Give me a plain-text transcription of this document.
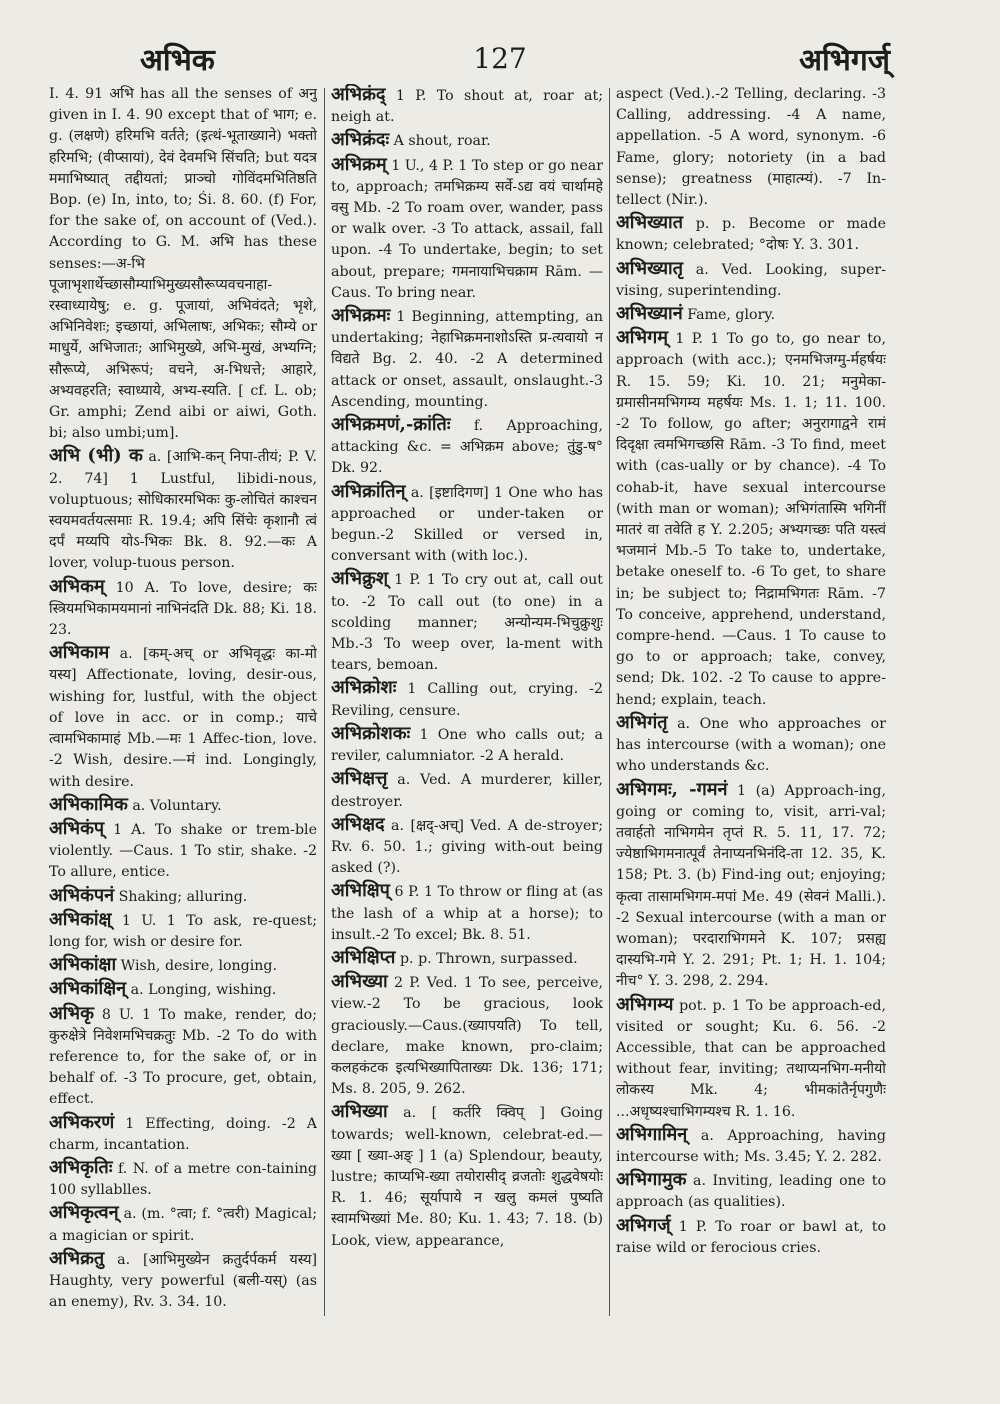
अभिक	127	अभिगर्ज्

I. 4. 91 अभि has all the senses of अनु given in I. 4. 90 except that of भाग; e. g. (लक्षणे) हरिमभि वर्तते; (इत्थं-भूताख्याने) भक्तो हरिमभि; (वीप्सायां), देवं देवमभि सिंचति; but यदत्र ममाभिष्यात् तद्दीयतां; प्राञ्चो गोविंदमभितिष्ठति Bop. (e) In, into, to; Śi. 8. 60. (f) For, for the sake of, on account of (Ved.). According to G. M. अभि has these senses:—अ-भि पूजाभृशार्थेच्छासौम्याभिमुख्यसौरूप्यवचनाहा-रस्वाध्यायेषु; e. g. पूजायां, अभिवंदते; भृशे, अभिनिवेशः; इच्छायां, अभिलाषः, अभिकः; सौम्ये or माधुर्ये, अभिजातः; आभिमुख्ये, अभि-मुखं, अभ्यग्नि; सौरूप्ये, अभिरूपं; वचने, अ-भिधत्ते; आहारे, अभ्यवहरति; स्वाध्याये, अभ्य-स्यति. [ cf. L. ob; Gr. amphi; Zend aibi or aiwi, Goth. bi; also umbi;um].

अभि (भी) क a. [आभि-कन् निपा-तीयं; P. V. 2. 74] 1 Lustful, libidi-nous, voluptuous; सोधिकारमभिकः कु-लोचितं काश्चन स्वयमवर्तयत्समाः R. 19.4; अपि सिंचेः कृशानौ त्वं दर्पं मय्यपि योऽ-भिकः Bk. 8. 92.—कः A lover, volup-tuous person.

अभिकम् 10 A. To love, desire; कः स्त्रियमभिकामयमानां नाभिनंदति Dk. 88; Ki. 18. 23.

अभिकाम a. [कम्-अच् or अभिवृद्धः का-मो यस्य] Affectionate, loving, desir-ous, wishing for, lustful, with the object of love in acc. or in comp.; याचे त्वामभिकामाहं Mb.—मः 1 Affec-tion, love. -2 Wish, desire.—मं ind. Longingly, with desire.

अभिकामिक a. Voluntary.

अभिकंप् 1 A. To shake or trem-ble violently. —Caus. 1 To stir, shake. -2 To allure, entice.

अभिकंपनं Shaking; alluring.

अभिकांक्ष् 1 U. 1 To ask, re-quest; long for, wish or desire for.

अभिकांक्षा Wish, desire, longing.

अभिकांक्षिन् a. Longing, wishing.

अभिकृ 8 U. 1 To make, render, do; कुरुक्षेत्रे निवेशमभिचक्रतुः Mb. -2 To do with reference to, for the sake of, or in behalf of. -3 To procure, get, obtain, effect.

अभिकरणं 1 Effecting, doing. -2 A charm, incantation.

अभिकृतिः f. N. of a metre con-taining 100 syllablles.

अभिकृत्वन् a. (m. °त्वा; f. °त्वरी) Magical; a magician or spirit.

अभिक्रतु a. [आभिमुख्येन क्रतुर्दर्पकर्म यस्य] Haughty, very powerful (बली-यस्) (as an enemy), Rv. 3. 34. 10.

अभिक्रंद् 1 P. To shout at, roar at; neigh at.

अभिक्रंदः A shout, roar.

अभिक्रम् 1 U., 4 P. 1 To step or go near to, approach; तमभिक्रम्य सर्वे-ऽद्य वयं चार्थामहे वसु Mb. -2 To roam over, wander, pass or walk over. -3 To attack, assail, fall upon. -4 To undertake, begin; to set about, prepare; गमनायाभिचक्राम Rām. —Caus. To bring near.

अभिक्रमः 1 Beginning, attempting, an undertaking; नेहाभिक्रमनाशोऽस्ति प्र-त्यवायो न विद्यते Bg. 2. 40. -2 A determined attack or onset, assault, onslaught.-3 Ascending, mounting.

अभिक्रमणं,-क्रांतिः f. Approaching, attacking &c. = अभिक्रम above; तुंडु-ष° Dk. 92.

अभिक्रांतिन् a. [इष्टादिगण] 1 One who has approached or under-taken or begun.-2 Skilled or versed in, conversant with (with loc.).

अभिक्रुश् 1 P. 1 To cry out at, call out to. -2 To call out (to one) in a scolding manner; अन्योन्यम-भिचुक्रुशुः Mb.-3 To weep over, la-ment with tears, bemoan.

अभिक्रोशः 1 Calling out, crying. -2 Reviling, censure.

अभिक्रोशकः 1 One who calls out; a reviler, calumniator. -2 A herald.

अभिक्षत्तृ a. Ved. A murderer, killer, destroyer.

अभिक्षद a. [क्षद्-अच्] Ved. A de-stroyer; Rv. 6. 50. 1.; giving with-out being asked (?).

अभिक्षिप् 6 P. 1 To throw or fling at (as the lash of a whip at a horse); to insult.-2 To excel; Bk. 8. 51.

अभिक्षिप्त p. p. Thrown, surpassed.

अभिख्या 2 P. Ved. 1 To see, perceive, view.-2 To be gracious, look graciously.—Caus.(ख्यापयति) To tell, declare, make known, pro-claim; कलहकंटक इत्यभिख्यापिताख्यः Dk. 136; 171; Ms. 8. 205, 9. 262.

अभिख्या a. [ कर्तरि क्विप् ] Going towards; well-known, celebrat-ed.—ख्या [ ख्या-अङ् ] 1 (a) Splendour, beauty, lustre; काप्यभि-ख्या तयोरासीद् व्रजतोः शुद्धवेषयोः R. 1. 46; सूर्यापाये न खलु कमलं पुष्यति स्वामभिख्यां Me. 80; Ku. 1. 43; 7. 18. (b) Look, view, appearance,

aspect (Ved.).-2 Telling, declaring. -3 Calling, addressing. -4 A name, appellation. -5 A word, synonym. -6 Fame, glory; notoriety (in a bad sense); greatness (माहात्म्यं). -7 In-tellect (Nir.).

अभिख्यात p. p. Become or made known; celebrated; °दोषः Y. 3. 301.

अभिख्यातृ a. Ved. Looking, super-vising, superintending.

अभिख्यानं Fame, glory.

अभिगम् 1 P. 1 To go to, go near to, approach (with acc.); एनमभिजग्मु-र्महर्षयः R. 15. 59; Ki. 10. 21; मनुमेका-ग्रमासीनमभिगम्य महर्षयः Ms. 1. 1; 11. 100. -2 To follow, go after; अनुरागाद्वने रामं दिदृक्षा त्वमभिगच्छसि Rām. -3 To find, meet with (cas-ually or by chance). -4 To cohab-it, have sexual intercourse (with man or woman); अभिगंतास्मि भगिनीं मातरं वा तवेति ह Y. 2.205; अभ्यगच्छः पति यस्त्वं भजमानं Mb.-5 To take to, undertake, betake oneself to. -6 To get, to share in; be subject to; निद्रामभिगतः Rām. -7 To conceive, apprehend, understand, compre-hend. —Caus. 1 To cause to go to or approach; take, convey, send; Dk. 102. -2 To cause to appre-hend; explain, teach.

अभिगंतृ a. One who approaches or has intercourse (with a woman); one who understands &c.

अभिगमः, -गमनं 1 (a) Approach-ing, going or coming to, visit, arri-val; तवार्हतो नाभिगमेन तृप्तं R. 5. 11, 17. 72; ज्येष्ठाभिगमनात्पूर्वं तेनाप्यनभिनंदि-ता 12. 35, K. 158; Pt. 3. (b) Find-ing out; enjoying; कृत्वा तासामभिगम-मपां Me. 49 (सेवनं Malli.). -2 Sexual intercourse (with a man or woman); परदाराभिगमने K. 107; प्रसह्य दास्यभि-गमे Y. 2. 291; Pt. 1; H. 1. 104; नीच° Y. 3. 298, 2. 294.

अभिगम्य pot. p. 1 To be approach-ed, visited or sought; Ku. 6. 56. -2 Accessible, that can be approached without fear, inviting; तथाप्यनभिग-मनीयो लोकस्य Mk. 4; भीमकांतैर्नृपगुणैः ...अधृष्यश्चाभिगम्यश्च R. 1. 16.

अभिगामिन् a. Approaching, having intercourse with; Ms. 3.45; Y. 2. 282.

अभिगामुक a. Inviting, leading one to approach (as qualities).

अभिगर्ज् 1 P. To roar or bawl at, to raise wild or ferocious cries.
